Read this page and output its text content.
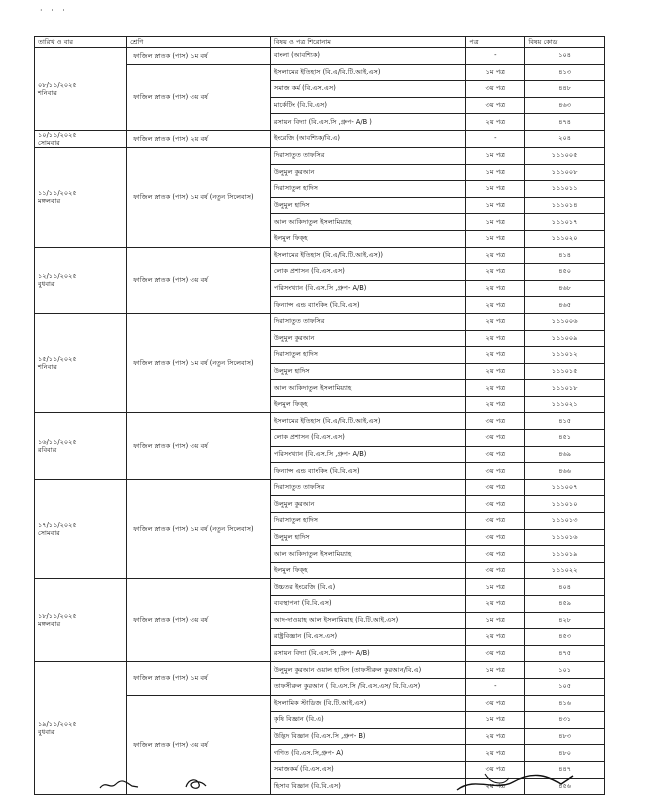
· · ·
তারিখ ও বার	শ্রেণি	বিষয় ও পত্র শিরোনাম	পত্র	বিষয় কোড

০৮/১১/২০২৫
শনিবার	ফাজিল স্নাতক (পাস) ১ম বর্ষ	বাংলা (আবশ্যিক)	-	১০৪
	ফাজিল স্নাতক (পাস) ৩য় বর্ষ	ইসলামের ইতিহাস (বি.এ/বি.টি.আই.এস)	১ম পত্র	৪১৩
		সমাজ কর্ম (বি.এস.এস)	৩য় পত্র	৪৪৮
		মার্কেটিং (বি.বি.এস)	৩য় পত্র	৪৬৩
		রসায়ন বিদ্যা (বি.এস.সি ,গ্রুপ- A/B )	২য় পত্র	৪৭৪

১০/১১/২০২৫
সোমবার	ফাজিল স্নাতক (পাস) ২য় বর্ষ	ইংরেজি (আবশ্যিক/বি.এ)	-	২০৪

১১/১১/২০২৫
মঙ্গলবার	ফাজিল স্নাতক (পাস) ১ম বর্ষ (নতুন সিলেবাস)	দিরাসাতুত তাফসির	১ম পত্র	১১১০০৫
		উলুমুল কুরআন	১ম পত্র	১১১০০৮
		দিরাসাতুল হাদিস	১ম পত্র	১১১০১১
		উলুমুল হাদিস	১ম পত্র	১১১০১৪
		আল আকিদাতুল ইসলামিয়্যাহ	১ম পত্র	১১১০১৭
		ইলমুল ফিক্‌হ	১ম পত্র	১১১০২০

১২/১১/২০২৫
বুধবার	ফাজিল স্নাতক (পাস) ৩য় বর্ষ	ইসলামের ইতিহাস (বি.এ/বি.টি.আই.এস))	২য় পত্র	৪১৪
		লোক প্রশাসন (বি.এস.এস)	২য় পত্র	৪৫০
		পরিসংখ্যান (বি.এস.সি ,গ্রুপ- A/B)	২য় পত্র	৪৬৮
		ফিন্যান্স এন্ড ব্যাংকিং (বি.বি.এস)	২য় পত্র	৪৬৫

১৫/১১/২০২৫
শনিবার	ফাজিল স্নাতক (পাস) ১ম বর্ষ (নতুন সিলেবাস)	দিরাসাতুত তাফসির	২য় পত্র	১১১০০৬
		উলুমুল কুরআন	২য় পত্র	১১১০০৯
		দিরাসাতুল হাদিস	২য় পত্র	১১১০১২
		উলুমুল হাদিস	২য় পত্র	১১১০১৫
		আল আকিদাতুল ইসলামিয়্যাহ	২য় পত্র	১১১০১৮
		ইলমুল ফিক্‌হ	২য় পত্র	১১১০২১

১৬/১১/২০২৫
রবিবার	ফাজিল স্নাতক (পাস) ৩য় বর্ষ	ইসলামের ইতিহাস (বি.এ/বি.টি.আই.এস)	৩য় পত্র	৪১৫
		লোক প্রশাসন (বি.এস.এস)	৩য় পত্র	৪৫১
		পরিসংখ্যান (বি.এস.সি ,গ্রুপ- A/B)	৩য় পত্র	৪৬৯
		ফিন্যান্স এন্ড ব্যাংকিং (বি.বি.এস)	৩য় পত্র	৪৬৬

১৭/১১/২০২৫
সোমবার	ফাজিল স্নাতক (পাস) ১ম বর্ষ (নতুন সিলেবাস)	দিরাসাতুত তাফসির	৩য় পত্র	১১১০০৭
		উলুমুল কুরআন	৩য় পত্র	১১১০১০
		দিরাসাতুল হাদিস	৩য় পত্র	১১১০১৩
		উলুমুল হাদিস	৩য় পত্র	১১১০১৬
		আল আকিদাতুল ইসলামিয়্যাহ	৩য় পত্র	১১১০১৯
		ইলমুল ফিক্‌হ	৩য় পত্র	১১১০২২

১৮/১১/২০২৫
মঙ্গলবার	ফাজিল স্নাতক (পাস) ৩য় বর্ষ	উচ্চতর ইংরেজি (বি.এ)	১ম পত্র	৪০৪
		ব্যবস্থাপনা (বি.বি.এস)	২য় পত্র	৪৫৯
		আদ-দাওয়াহ আল ইসলামিয়াহ (বি.টি.আই.এস)	১ম পত্র	৪২৮
		রাষ্ট্রবিজ্ঞান (বি.এস.এস)	২য় পত্র	৪৫৩
		রসায়ন বিদ্যা (বি.এস.সি ,গ্রুপ- A/B)	৩য় পত্র	৪৭৫

১৯/১১/২০২৫
বুধবার	ফাজিল স্নাতক (পাস) ১ম বর্ষ	উলুমুল কুরআন ওয়াল হাদিস (তাফসীরুল কুরআন/বি.এ)	১ম পত্র	১০১
		তাফসীরুল কুরআন ( বি.এস.সি /বি.এস.এস/ বি.বি.এস)	-	১০৫
	ফাজিল স্নাতক (পাস) ৩য় বর্ষ	ইসলামিক স্টাডিজ (বি.টি.আই.এস)	৩য় পত্র	৪১৬
		কৃষি বিজ্ঞান (বি.এ)	১ম পত্র	৪৩১
		উদ্ভিদ বিজ্ঞান (বি.এস.সি ,গ্রুপ- B)	২য় পত্র	৪৮৩
		গণিত (বি.এস.সি,গ্রুপ- A)	২য় পত্র	৪৮০
		সমাজকর্ম (বি.এস.এস)	৩য় পত্র	৪৪৭
		হিসাব বিজ্ঞান (বি.বি.এস)	২য় পত্র	৪৫৬
